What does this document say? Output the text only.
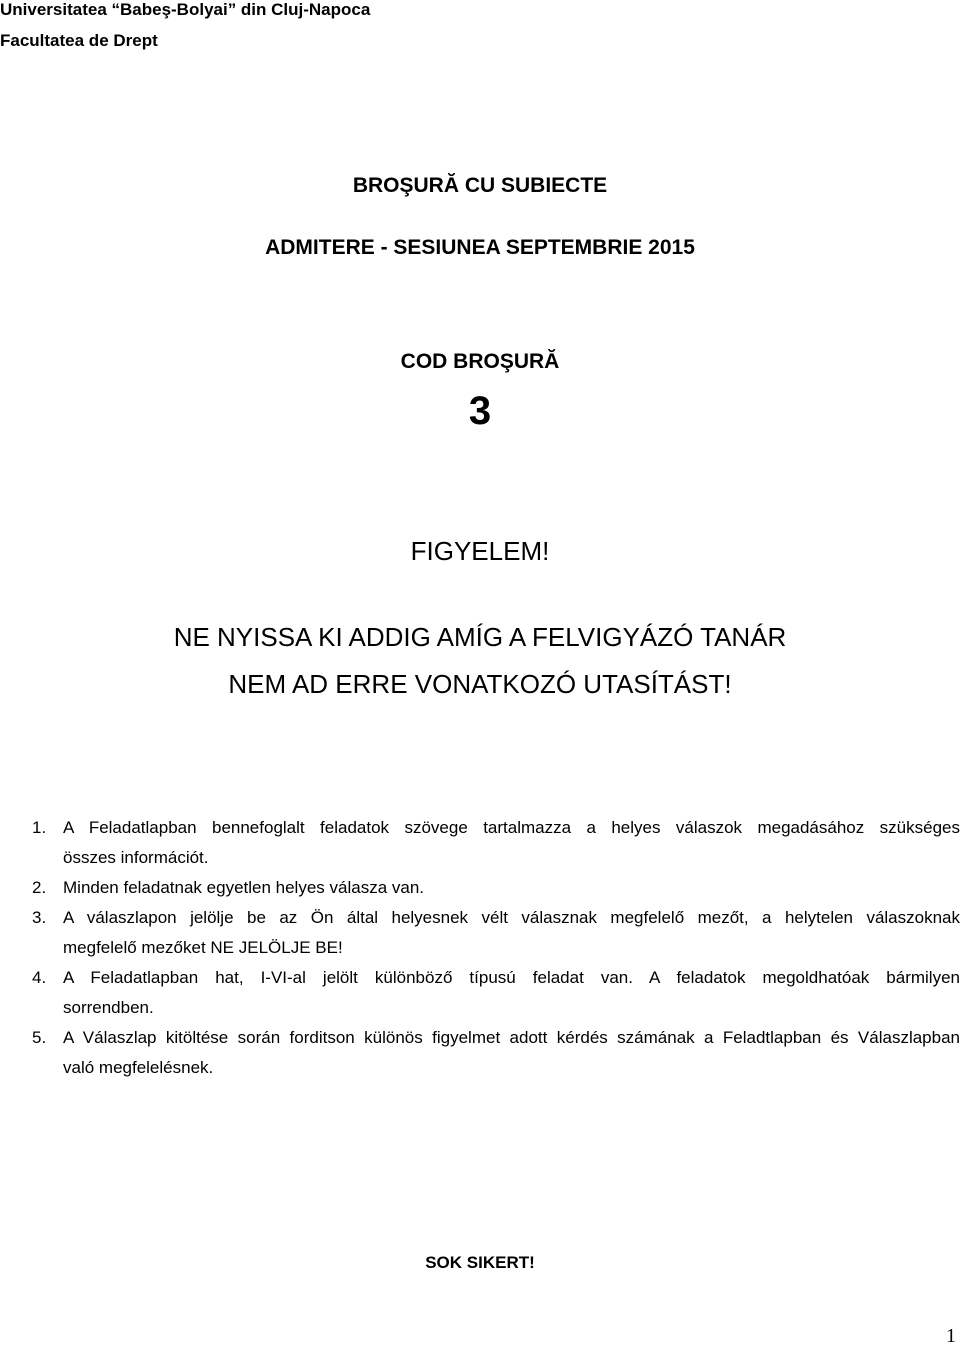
Universitatea “Babeş-Bolyai” din Cluj-Napoca
Facultatea de Drept
BROŞURĂ CU SUBIECTE
ADMITERE - SESIUNEA SEPTEMBRIE 2015
COD BROŞURĂ
3
FIGYELEM!
NE NYISSA KI ADDIG AMÍG A FELVIGYÁZÓ TANÁR
NEM AD ERRE VONATKOZÓ UTASÍTÁST!
1. A Feladatlapban bennefoglalt feladatok szövege tartalmazza a helyes válaszok megadásához szükséges
összes információt.
2. Minden feladatnak egyetlen helyes válasza van.
3. A válaszlapon jelölje be az Ön által helyesnek vélt válasznak megfelelő mezőt, a helytelen válaszoknak
megfelelő mezőket NE JELÖLJE BE!
4. A Feladatlapban hat, I-VI-al jelölt különböző típusú feladat van. A feladatok megoldhatóak bármilyen
sorrendben.
5. A Válaszlap kitöltése során forditson különös figyelmet adott kérdés számának a Feladtlapban és Válaszlapban
való megfelelésnek.
SOK SIKERT!
1
